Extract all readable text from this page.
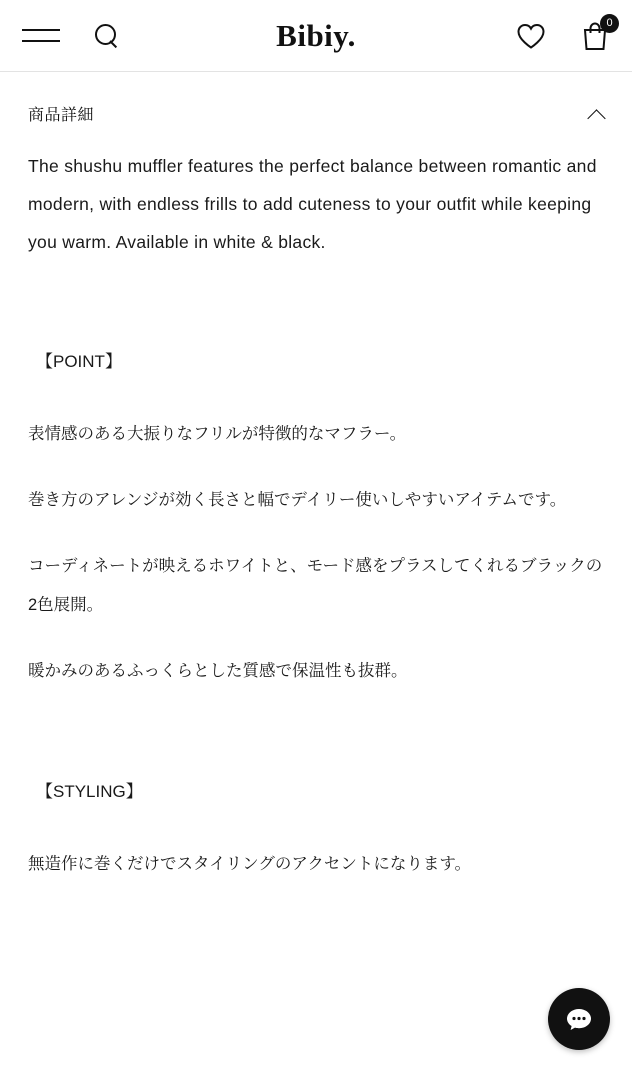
Bibiy.	0
商品詳細

The shushu muffler features the perfect balance between romantic and modern, with endless frills to add cuteness to your outfit while keeping you warm. Available in white & black.

【POINT】

表情感のある大振りなフリルが特徴的なマフラー。

巻き方のアレンジが効く長さと幅でデイリー使いしやすいアイテムです。

コーディネートが映えるホワイトと、モード感をプラスしてくれるブラックの2色展開。

暖かみのあるふっくらとした質感で保温性も抜群。

【STYLING】

無造作に巻くだけでスタイリングのアクセントになります。
